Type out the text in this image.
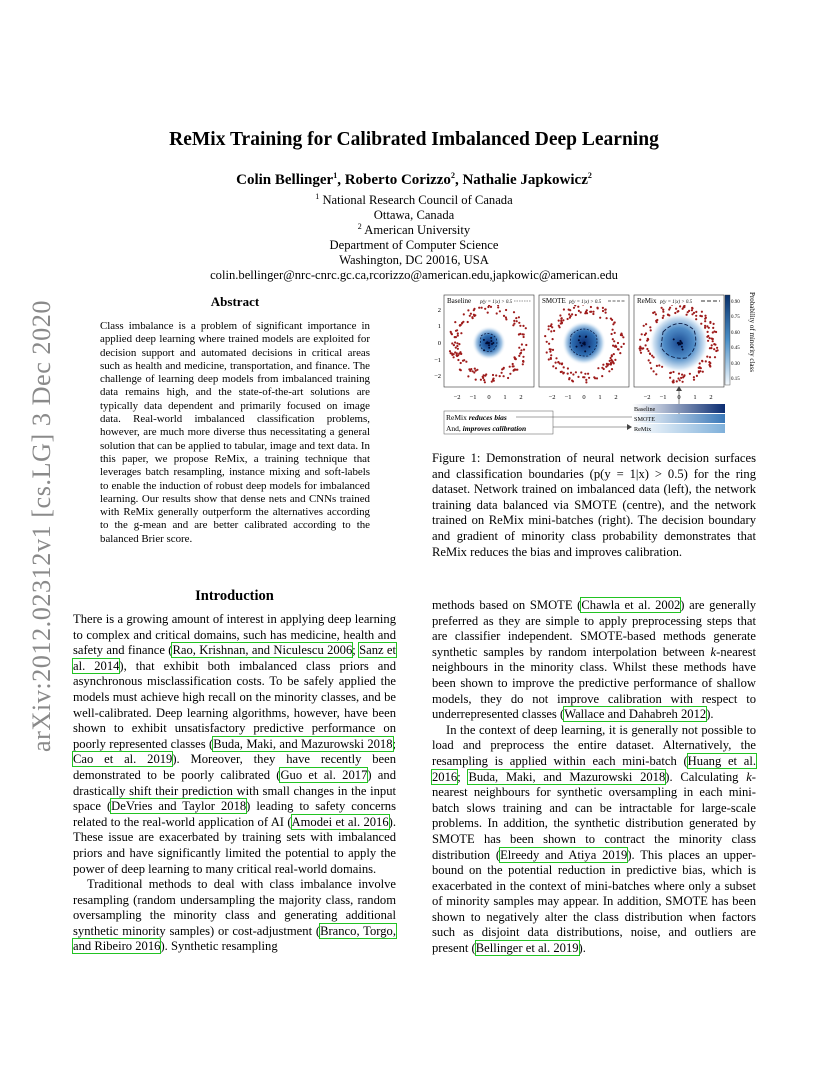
arXiv:2012.02312v1 [cs.LG] 3 Dec 2020
ReMix Training for Calibrated Imbalanced Deep Learning
Colin Bellinger$^1$, Roberto Corizzo$^2$, Nathalie Japkowicz$^2$
$^1$ National Research Council of Canada
Ottawa, Canada
$^2$ American University
Department of Computer Science
Washington, DC 20016, USA
colin.bellinger@nrc-cnrc.gc.ca,rcorizzo@american.edu,japkowic@american.edu
Abstract
Class imbalance is a problem of significant importance in applied deep learning where trained models are exploited for decision support and automated decisions in critical areas such as health and medicine, transportation, and finance. The challenge of learning deep models from imbalanced training data remains high, and the state-of-the-art solutions are typically data dependent and primarily focused on image data. Real-world imbalanced classification problems, however, are much more diverse thus necessitating a general solution that can be applied to tabular, image and text data. In this paper, we propose ReMix, a training technique that leverages batch resampling, instance mixing and soft-labels to enable the induction of robust deep models for imbalanced learning. Our results show that dense nets and CNNs trained with ReMix generally outperform the alternatives according to the g-mean and are better calibrated according to the balanced Brier score.
2
1
0
−1
−2
Baseline p(y = 1|x) > 0.5	SMOTE p(y = 1|x) > 0.5	ReMix p(y = 1|x) > 0.5
−2 −1 0 1 2	−2 −1 0 1 2	−2 −1 0 1 2
0.90
0.75
0.60
0.45
0.30
0.15
Probability of minority class
ReMix reduces bias
And, improves calibration
Baseline
SMOTE
ReMix
Figure 1: Demonstration of neural network decision surfaces and classification boundaries (p(y = 1|x) > 0.5) for the ring dataset. Network trained on imbalanced data (left), the network training data balanced via SMOTE (centre), and the network trained on ReMix mini-batches (right). The decision boundary and gradient of minority class probability demonstrates that ReMix reduces the bias and improves calibration.
Introduction

There is a growing amount of interest in applying deep learning to complex and critical domains, such has medicine, health and safety and finance (Rao, Krishnan, and Niculescu 2006; Sanz et al. 2014), that exhibit both imbalanced class priors and asynchronous misclassification costs. To be safely applied the models must achieve high recall on the minority classes, and be well-calibrated. Deep learning algorithms, however, have been shown to exhibit unsatisfactory predictive performance on poorly represented classes (Buda, Maki, and Mazurowski 2018; Cao et al. 2019). Moreover, they have recently been demonstrated to be poorly calibrated (Guo et al. 2017) and drastically shift their prediction with small changes in the input space (DeVries and Taylor 2018) leading to safety concerns related to the real-world application of AI (Amodei et al. 2016). These issue are exacerbated by training sets with imbalanced priors and have significantly limited the potential to apply the power of deep learning to many critical real-world domains.

Traditional methods to deal with class imbalance involve resampling (random undersampling the majority class, random oversampling the minority class and generating additional synthetic minority samples) or cost-adjustment (Branco, Torgo, and Ribeiro 2016). Synthetic resampling

methods based on SMOTE (Chawla et al. 2002) are generally preferred as they are simple to apply preprocessing steps that are classifier independent. SMOTE-based methods generate synthetic samples by random interpolation between k-nearest neighbours in the minority class. Whilst these methods have been shown to improve the predictive performance of shallow models, they do not improve calibration with respect to underrepresented classes (Wallace and Dahabreh 2012).

In the context of deep learning, it is generally not possible to load and preprocess the entire dataset. Alternatively, the resampling is applied within each mini-batch (Huang et al. 2016; Buda, Maki, and Mazurowski 2018). Calculating k-nearest neighbours for synthetic oversampling in each mini-batch slows training and can be intractable for large-scale problems. In addition, the synthetic distribution generated by SMOTE has been shown to contract the minority class distribution (Elreedy and Atiya 2019). This places an upper-bound on the potential reduction in predictive bias, which is exacerbated in the context of mini-batches where only a subset of minority samples may appear. In addition, SMOTE has been shown to negatively alter the class distribution when factors such as disjoint data distributions, noise, and outliers are present (Bellinger et al. 2019).
